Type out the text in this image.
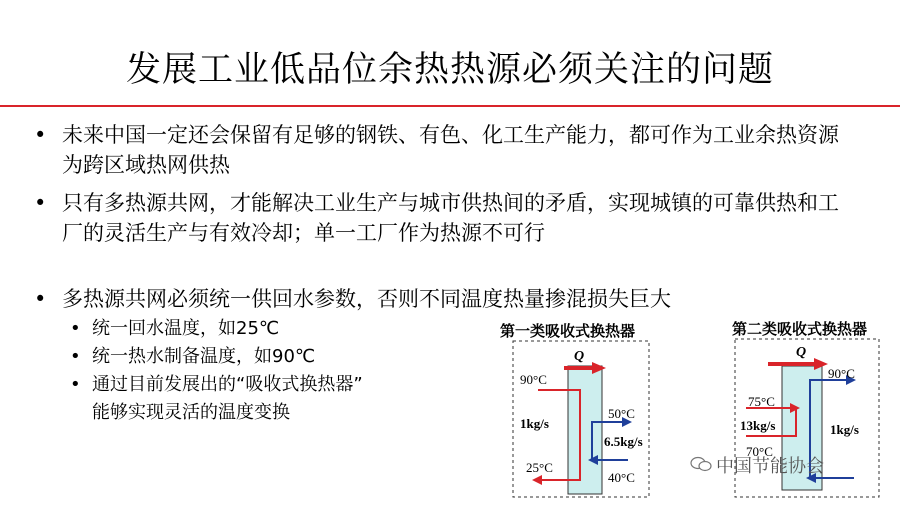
发展工业低品位余热热源必须关注的问题
• 未来中国一定还会保留有足够的钢铁、有色、化工生产能力，都可作为工业余热资源为跨区域热网供热
• 只有多热源共网，才能解决工业生产与城市供热间的矛盾，实现城镇的可靠供热和工厂的灵活生产与有效冷却；单一工厂作为热源不可行
• 多热源共网必须统一供回水参数，否则不同温度热量掺混损失巨大
• 统一回水温度，如25℃
• 统一热水制备温度，如90℃
• 通过目前发展出的“吸收式换热器”
能够实现灵活的温度变换
第一类吸收式换热器
Q
90°C
1kg/s
25°C
50°C
6.5kg/s
40°C
第二类吸收式换热器
Q
90°C
75°C
13kg/s
70°C
1kg/s
中国节能协会
